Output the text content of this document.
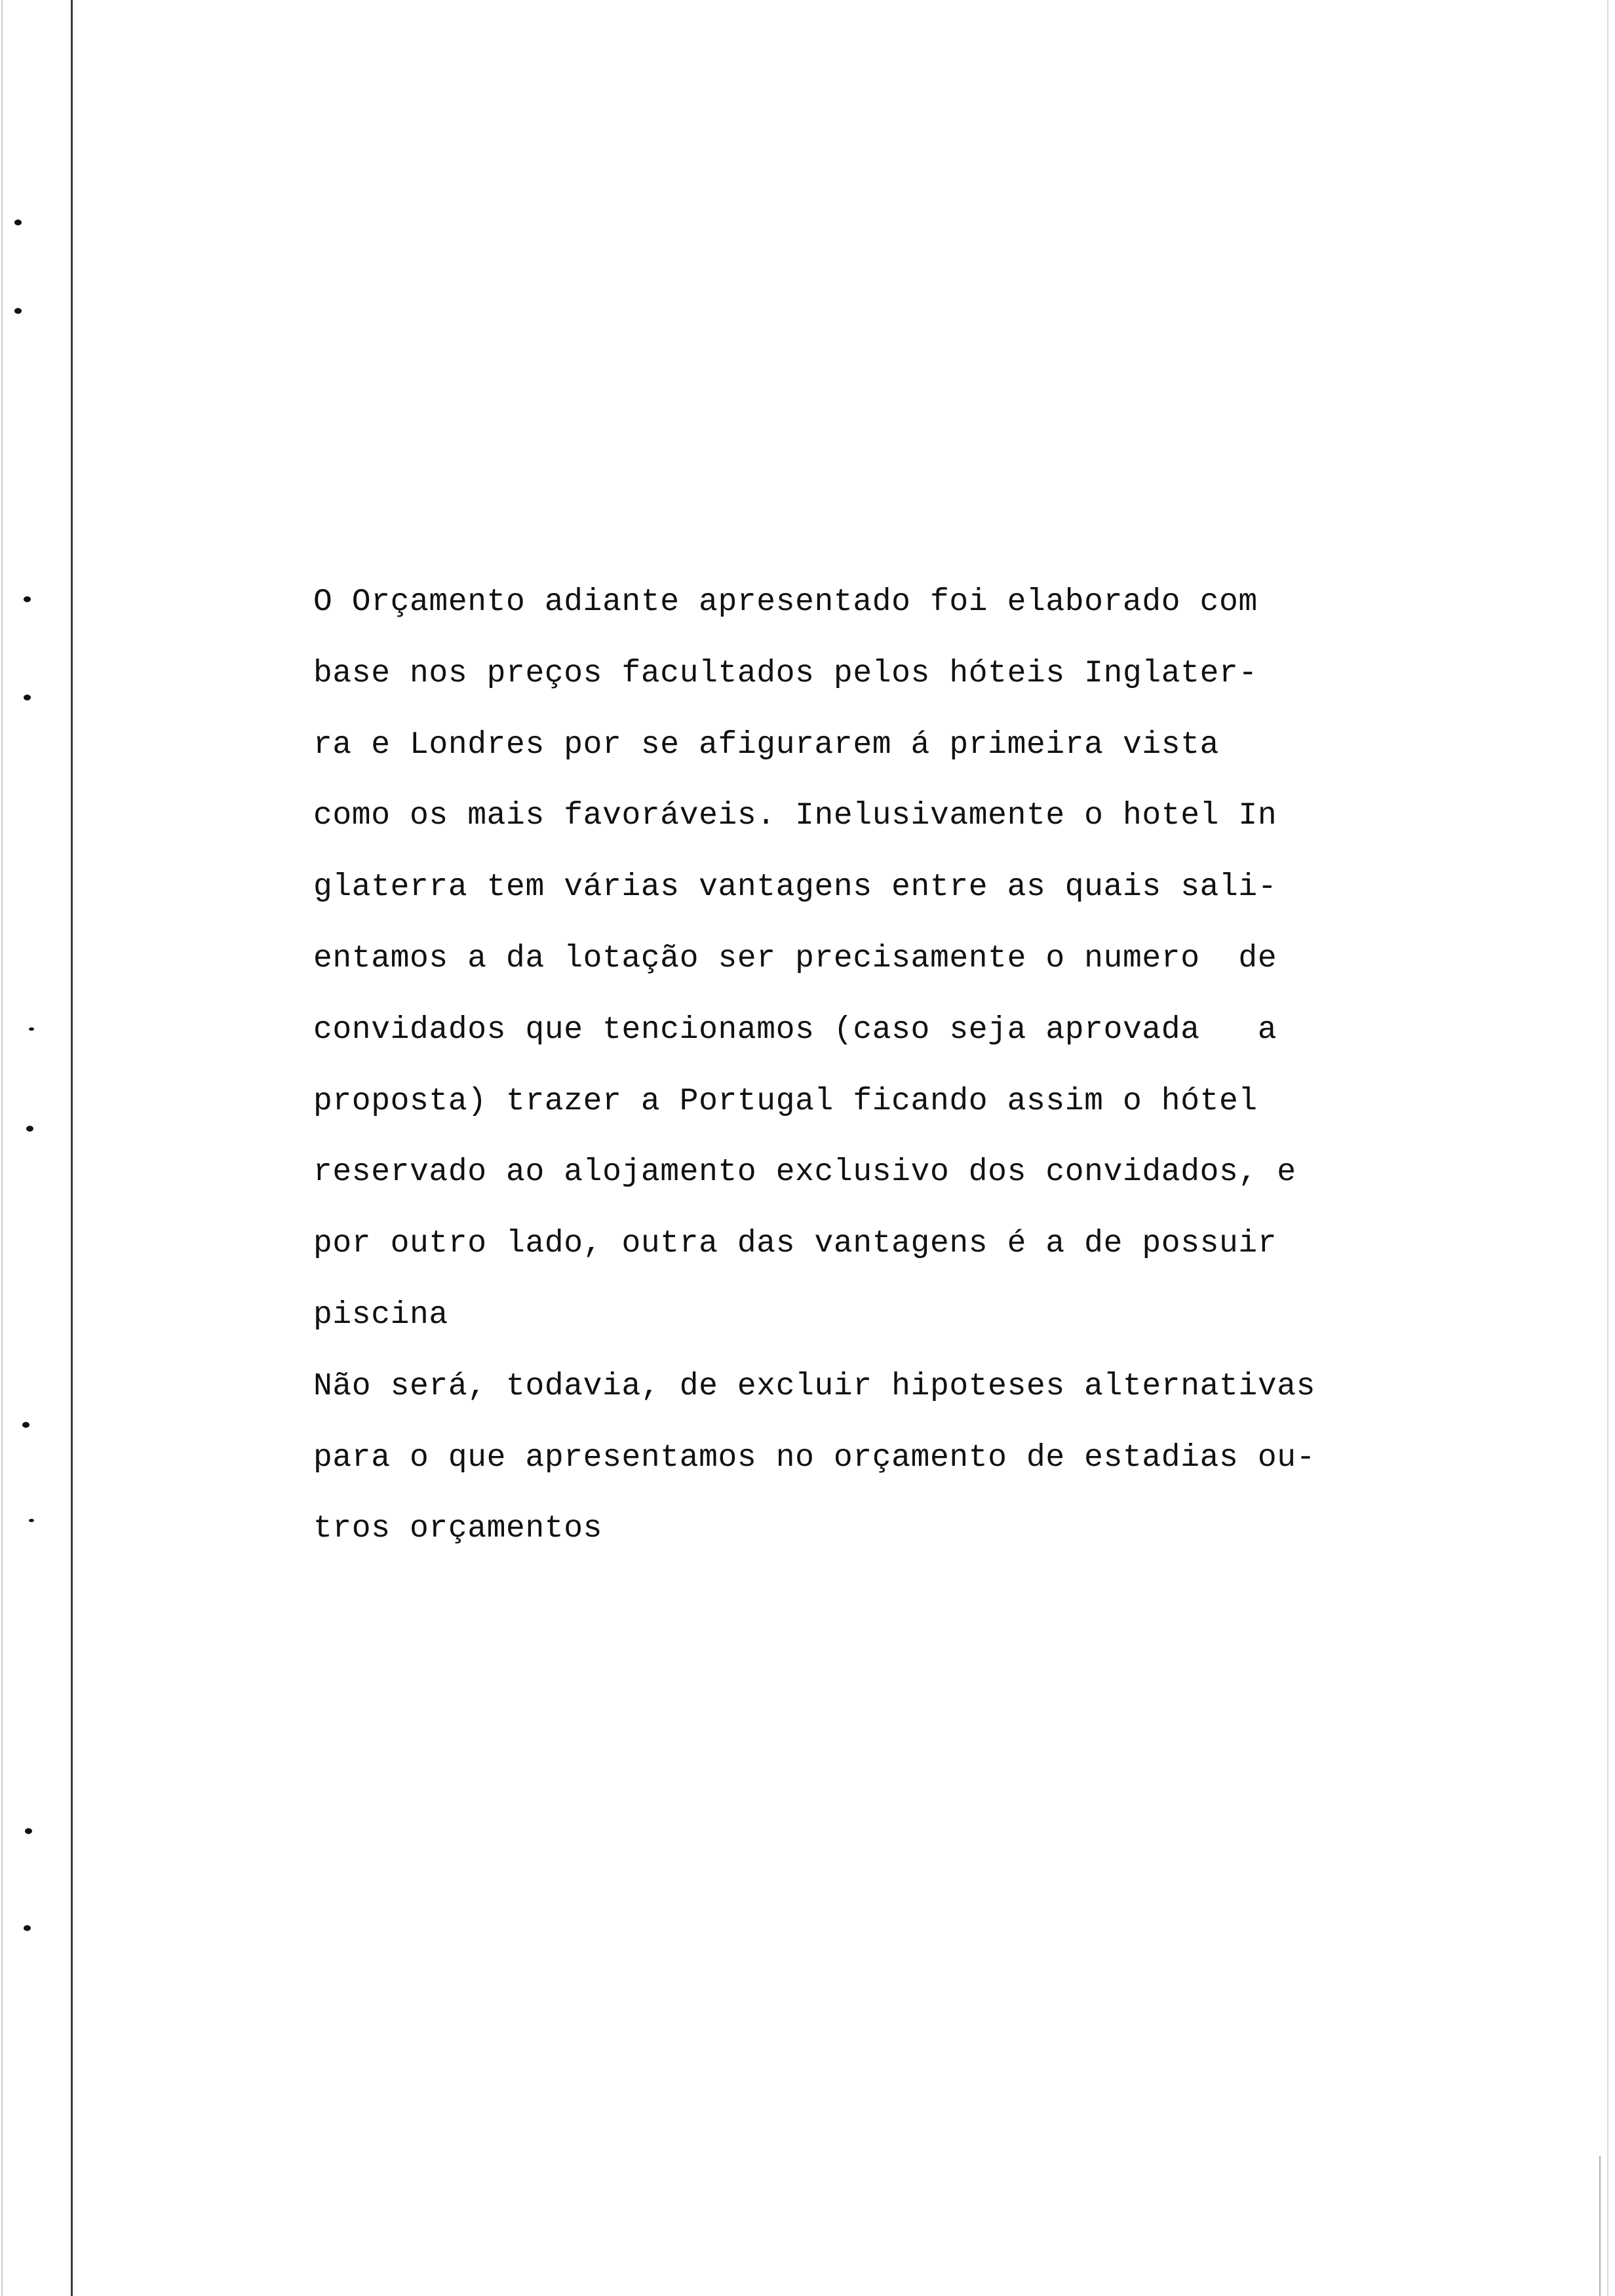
O Orçamento adiante apresentado foi elaborado com
base nos preços facultados pelos hóteis Inglater-
ra e Londres por se afigurarem á primeira vista
como os mais favoráveis. Inelusivamente o hotel In
glaterra tem várias vantagens entre as quais sali-
entamos a da lotação ser precisamente o numero  de
convidados que tencionamos (caso seja aprovada   a
proposta) trazer a Portugal ficando assim o hótel
reservado ao alojamento exclusivo dos convidados, e
por outro lado, outra das vantagens é a de possuir
piscina
Não será, todavia, de excluir hipoteses alternativas
para o que apresentamos no orçamento de estadias ou-
tros orçamentos
